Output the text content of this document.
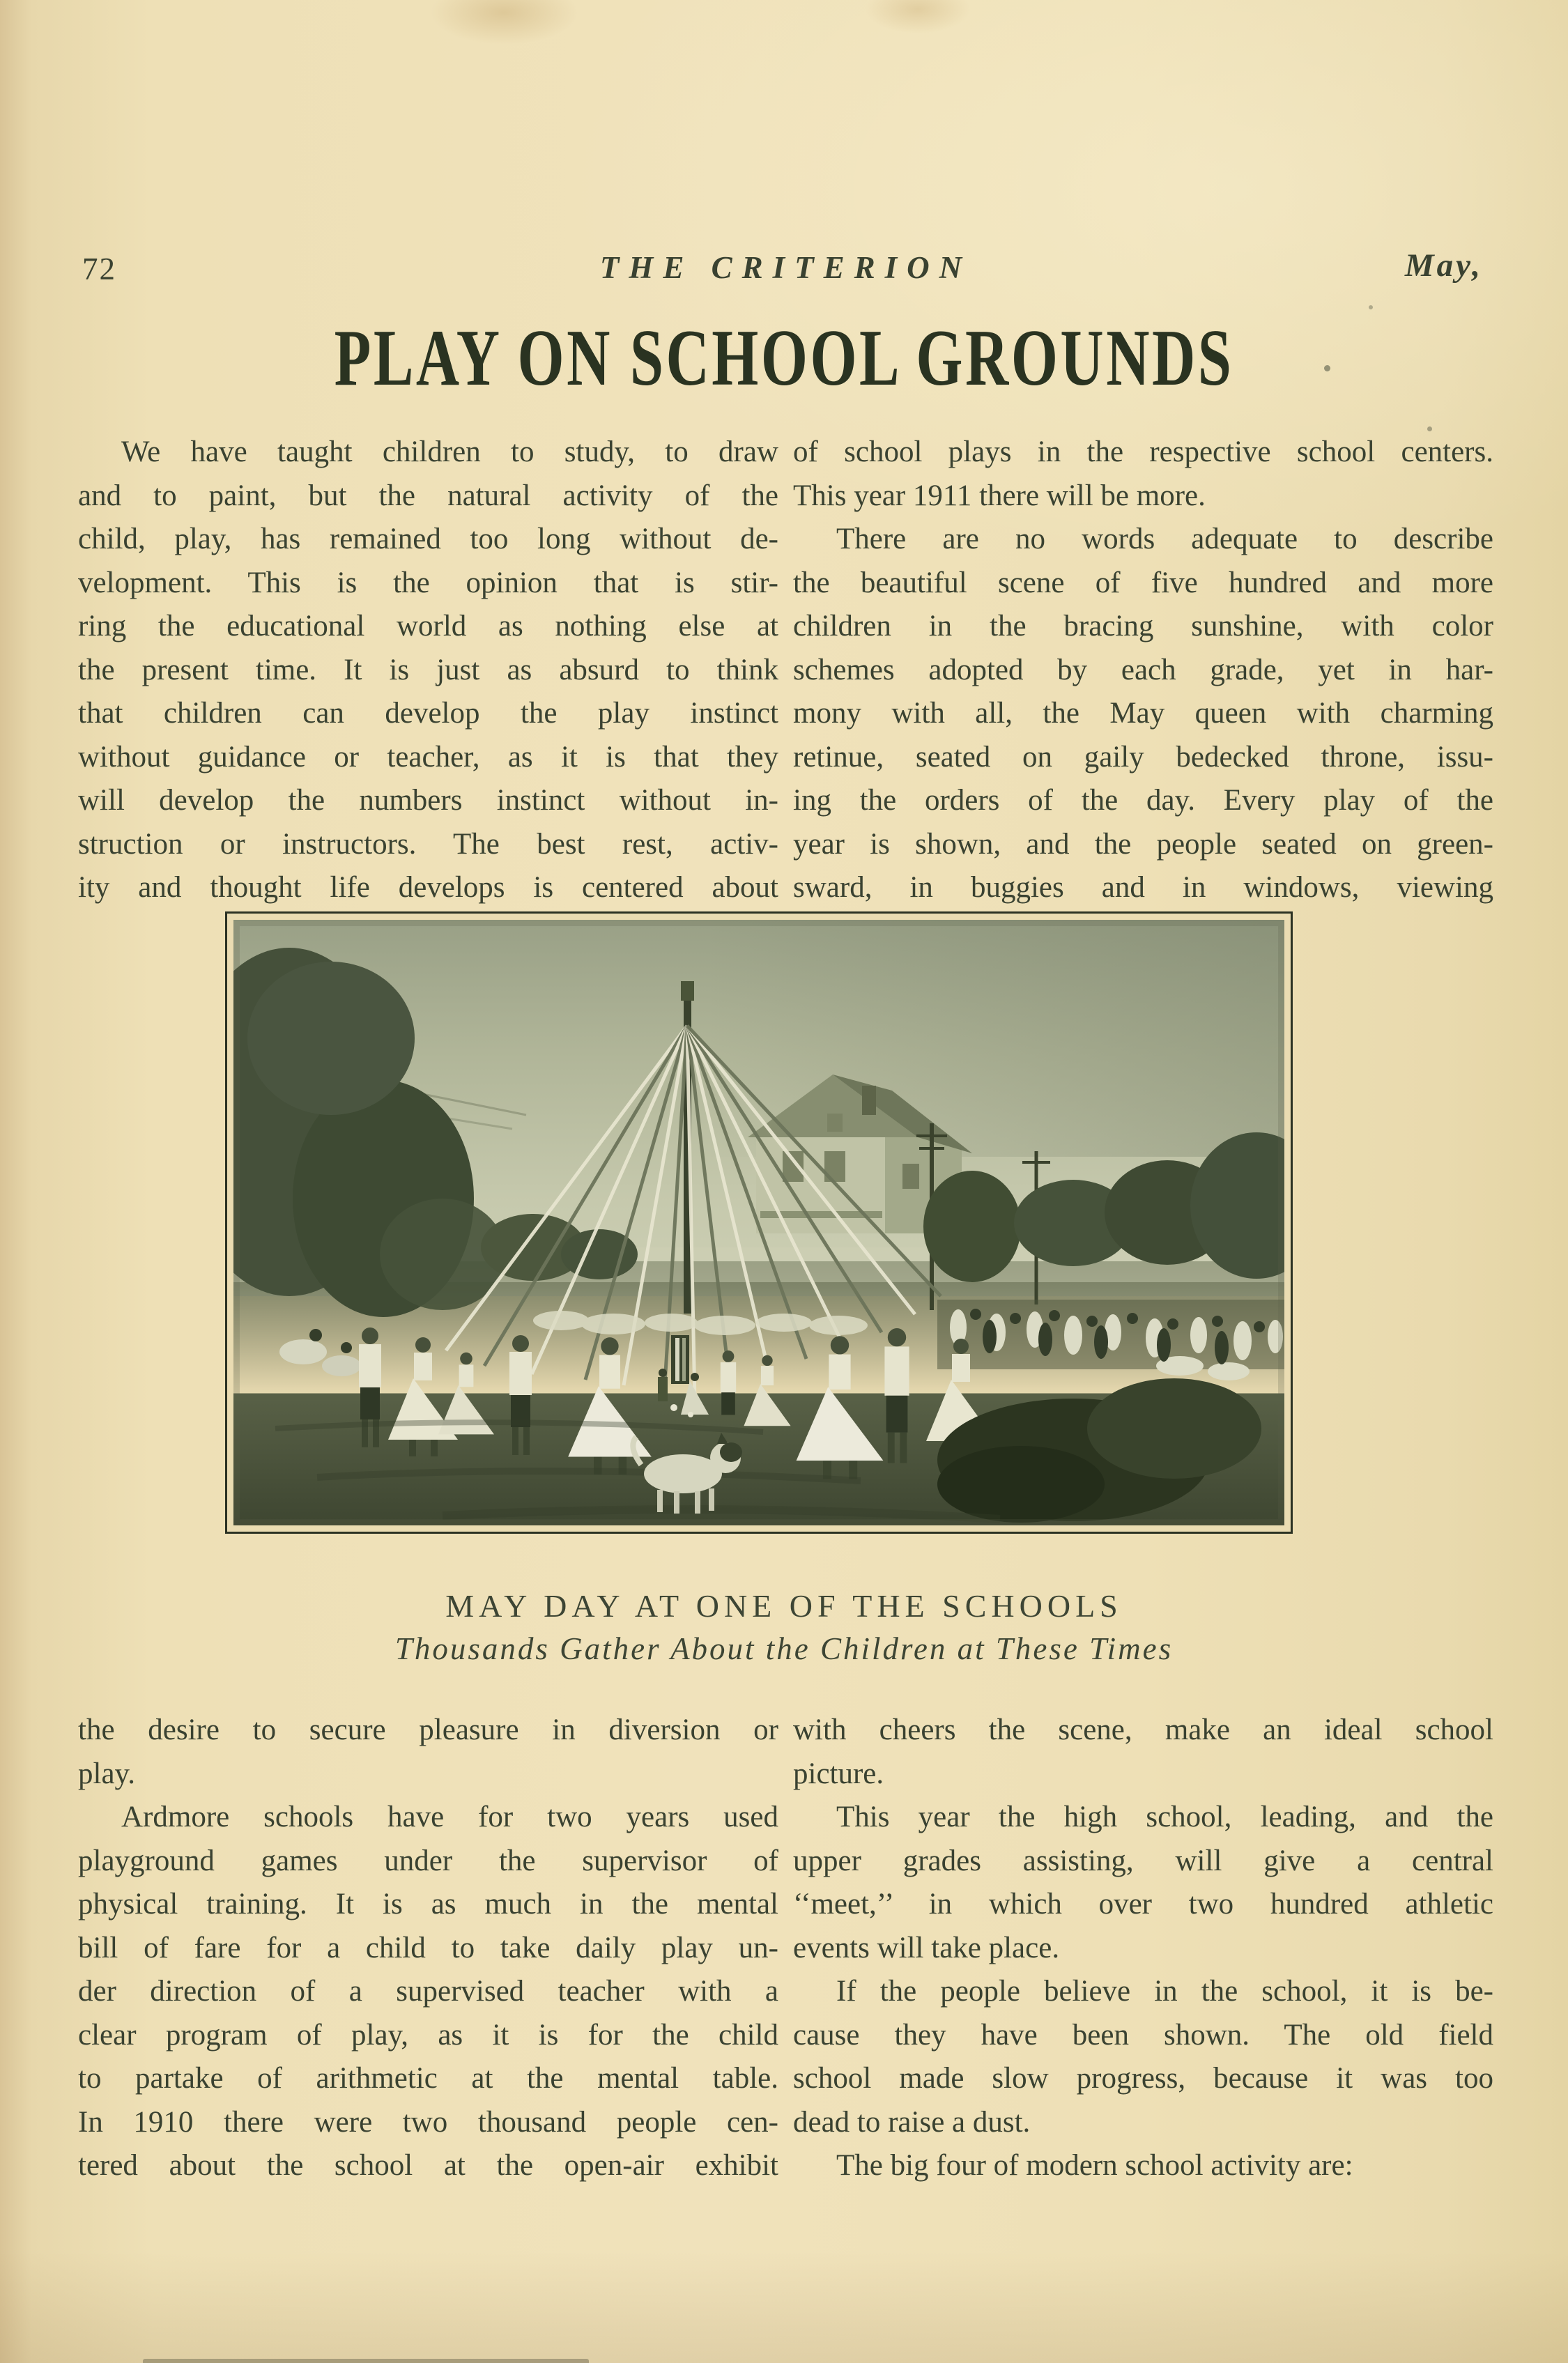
72	THE CRITERION	May,
PLAY ON SCHOOL GROUNDS
We have taught children to study, to draw
and to paint, but the natural activity of the
child, play, has remained too long without de-
velopment. This is the opinion that is stir-
ring the educational world as nothing else at
the present time. It is just as absurd to think
that children can develop the play instinct
without guidance or teacher, as it is that they
will develop the numbers instinct without in-
struction or instructors. The best rest, activ-
ity and thought life develops is centered about
of school plays in the respective school centers.
This year 1911 there will be more.
There are no words adequate to describe
the beautiful scene of five hundred and more
children in the bracing sunshine, with color
schemes adopted by each grade, yet in har-
mony with all, the May queen with charming
retinue, seated on gaily bedecked throne, issu-
ing the orders of the day. Every play of the
year is shown, and the people seated on green-
sward, in buggies and in windows, viewing
MAY DAY AT ONE OF THE SCHOOLS
Thousands Gather About the Children at These Times
the desire to secure pleasure in diversion or
play.
Ardmore schools have for two years used
playground games under the supervisor of
physical training. It is as much in the mental
bill of fare for a child to take daily play un-
der direction of a supervised teacher with a
clear program of play, as it is for the child
to partake of arithmetic at the mental table.
In 1910 there were two thousand people cen-
tered about the school at the open-air exhibit
with cheers the scene, make an ideal school
picture.
This year the high school, leading, and the
upper grades assisting, will give a central
‘‘meet,’’ in which over two hundred athletic
events will take place.
If the people believe in the school, it is be-
cause they have been shown. The old field
school made slow progress, because it was too
dead to raise a dust.
The big four of modern school activity are:
